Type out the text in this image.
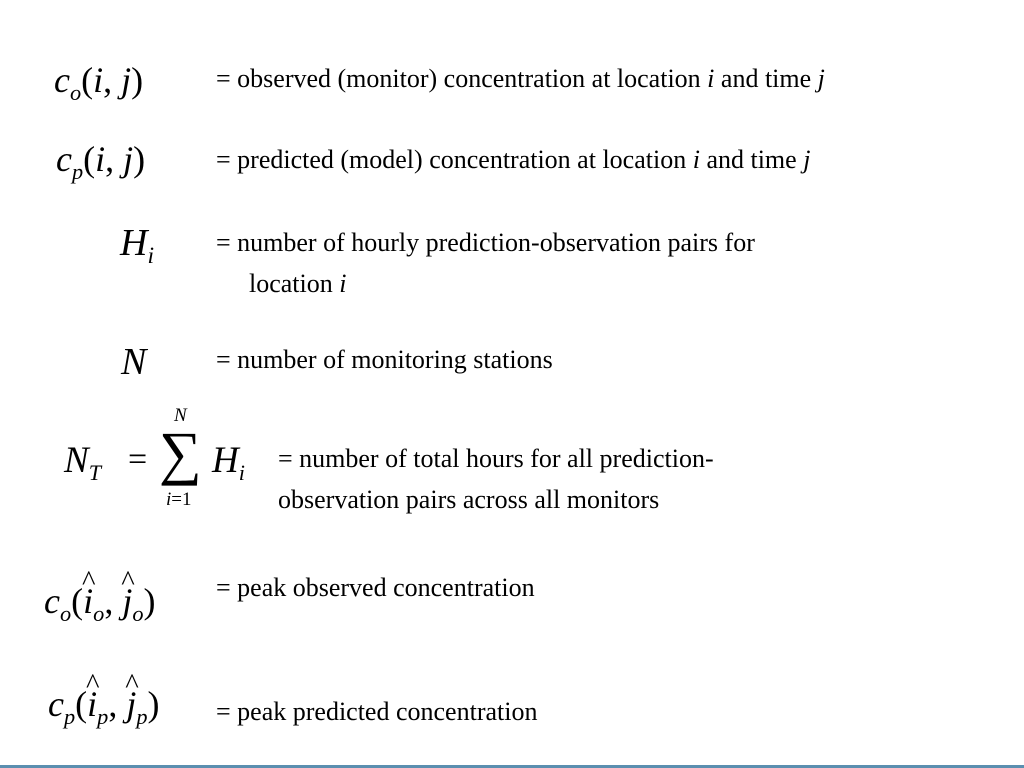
$c_o(i$, j)	= observed (monitor) concentration at location i and time j
$c_p(i$, j)	= predicted (model) concentration at location i and time j
$H_i$ = number of hourly prediction-observation pairs for
location i
N	= number of monitoring stations
$N_T$ =
N
∑
i=1
$H_i$ = number of total hours for all prediction-
observation pairs across all monitors
$c_o(\^{}$ $i_o$, ^ $j_o$) = peak observed concentration
$c_p(\^{}$ $i_p$, ^ $j_p$) = peak predicted concentration
